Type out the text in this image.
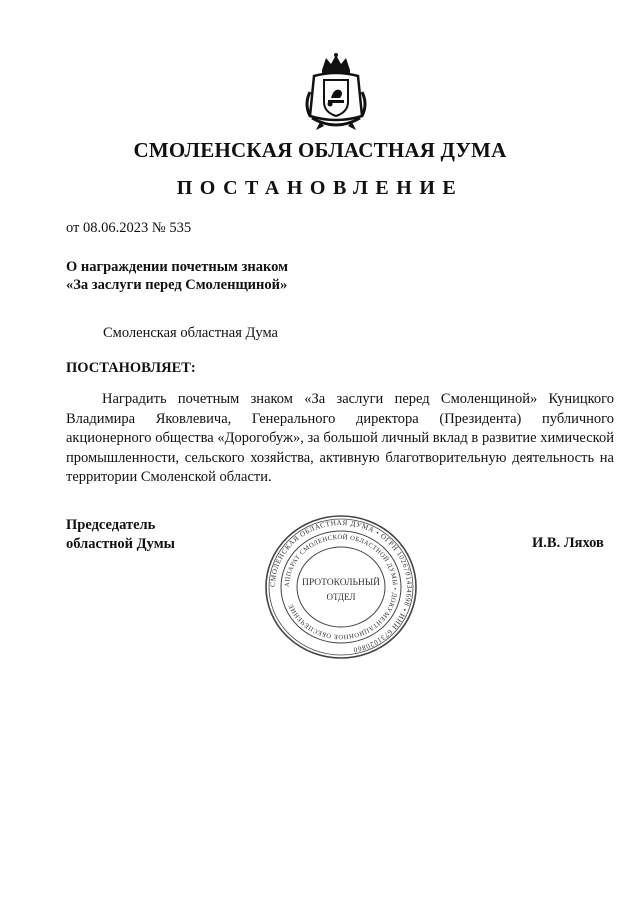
СМОЛЕНСКАЯ ОБЛАСТНАЯ ДУМА
ПОСТАНОВЛЕНИЕ
от 08.06.2023 № 535
О награждении почетным знаком
«За заслуги перед Смоленщиной»
Смоленская областная Дума
ПОСТАНОВЛЯЕТ:
Наградить почетным знаком «За заслуги перед Смоленщиной» Куницкого Владимира Яковлевича, Генерального директора (Президента) публичного акционерного общества «Дорогобуж», за большой личный вклад в развитие химической промышленности, сельского хозяйства, активную благотворительную деятельность на территории Смоленской области.
Председатель
областной Думы
СМОЛЕНСКАЯ ОБЛАСТНАЯ ДУМА • ОГРН 1026701434698 • ИНН 6731020860
АППАРАТ СМОЛЕНСКОЙ ОБЛАСТНОЙ ДУМЫ • ДОКУМЕНТАЦИОННОЕ ОБЕСПЕЧЕНИЕ
ПРОТОКОЛЬНЫЙ
ОТДЕЛ
И.В. Ляхов
